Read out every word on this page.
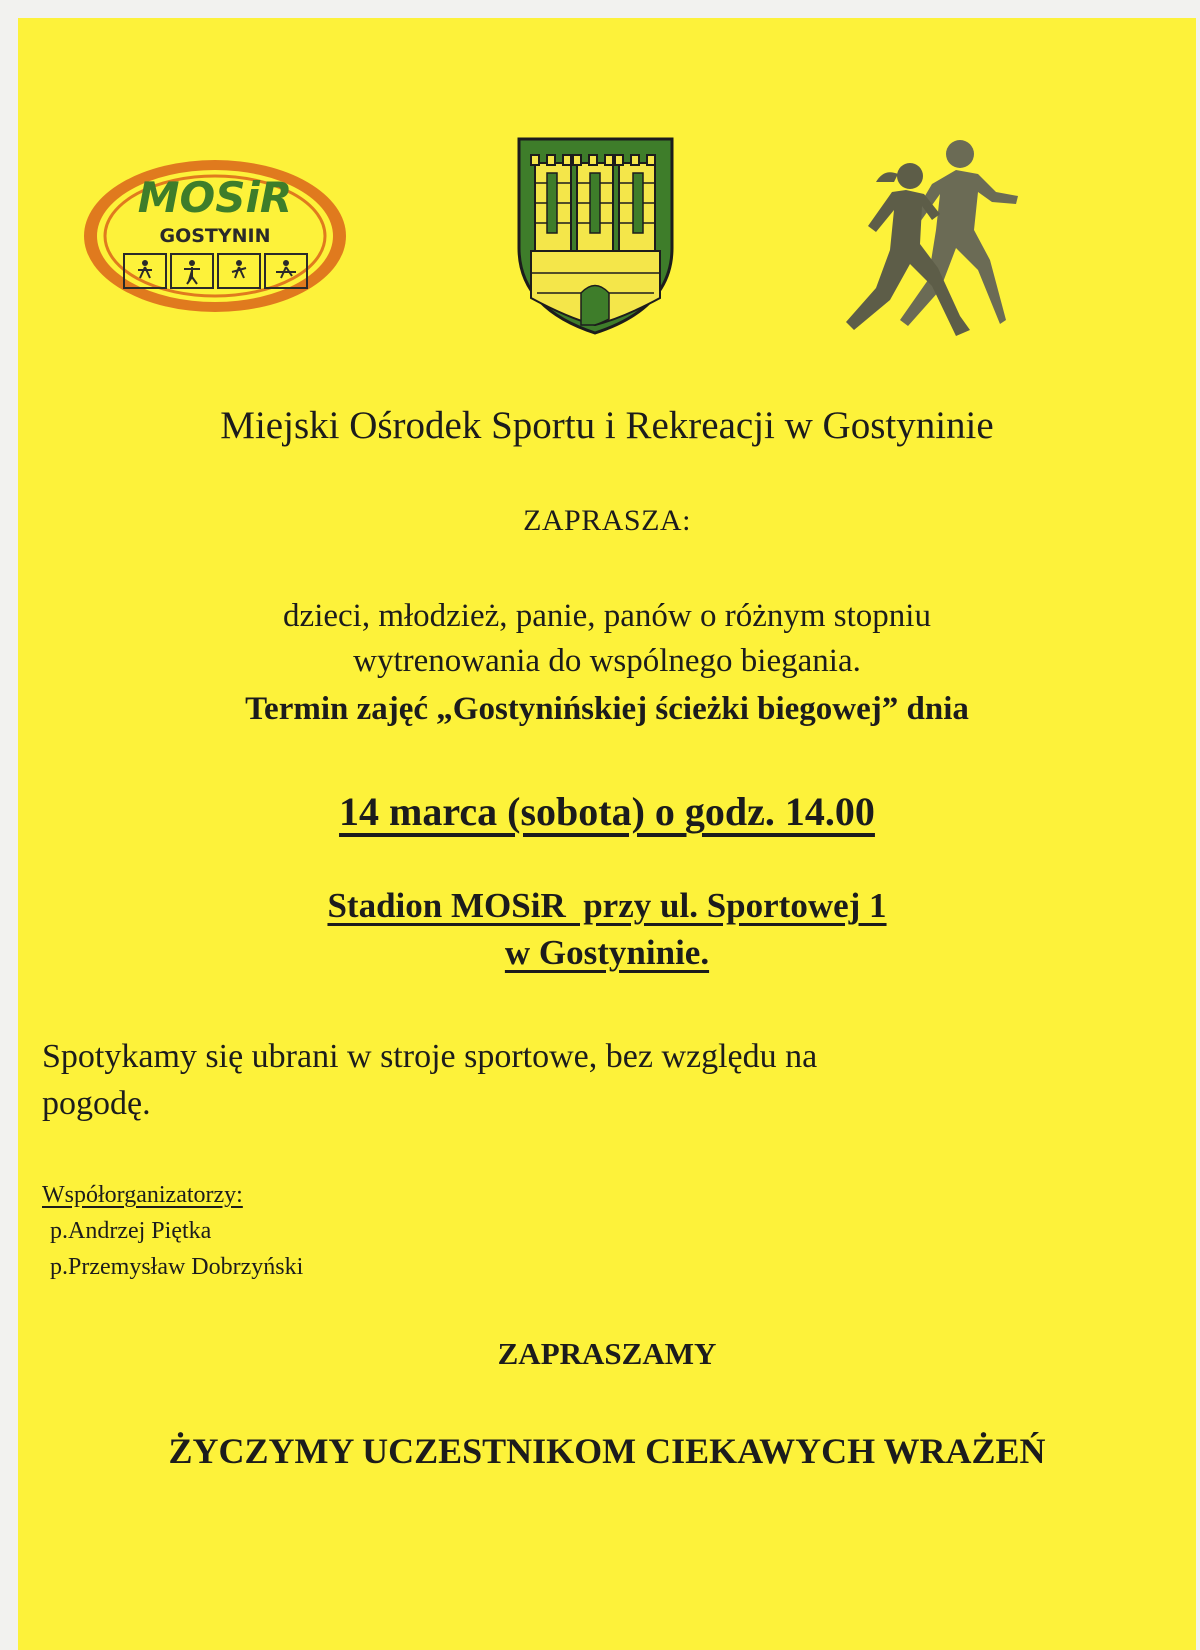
MOSiR
GOSTYNIN
Miejski Ośrodek Sportu i Rekreacji w Gostyninie
ZAPRASZA:
dzieci, młodzież, panie, panów o różnym stopniu
wytrenowania do wspólnego biegania.
Termin zajęć „Gostynińskiej ścieżki biegowej” dnia
14 marca (sobota) o godz. 14.00
Stadion MOSiR  przy ul. Sportowej 1
w Gostyninie.
Spotykamy się ubrani w stroje sportowe, bez względu na
pogodę.
Współorganizatorzy:
p.Andrzej Piętka
p.Przemysław Dobrzyński
ZAPRASZAMY
ŻYCZYMY UCZESTNIKOM CIEKAWYCH WRAŻEŃ
